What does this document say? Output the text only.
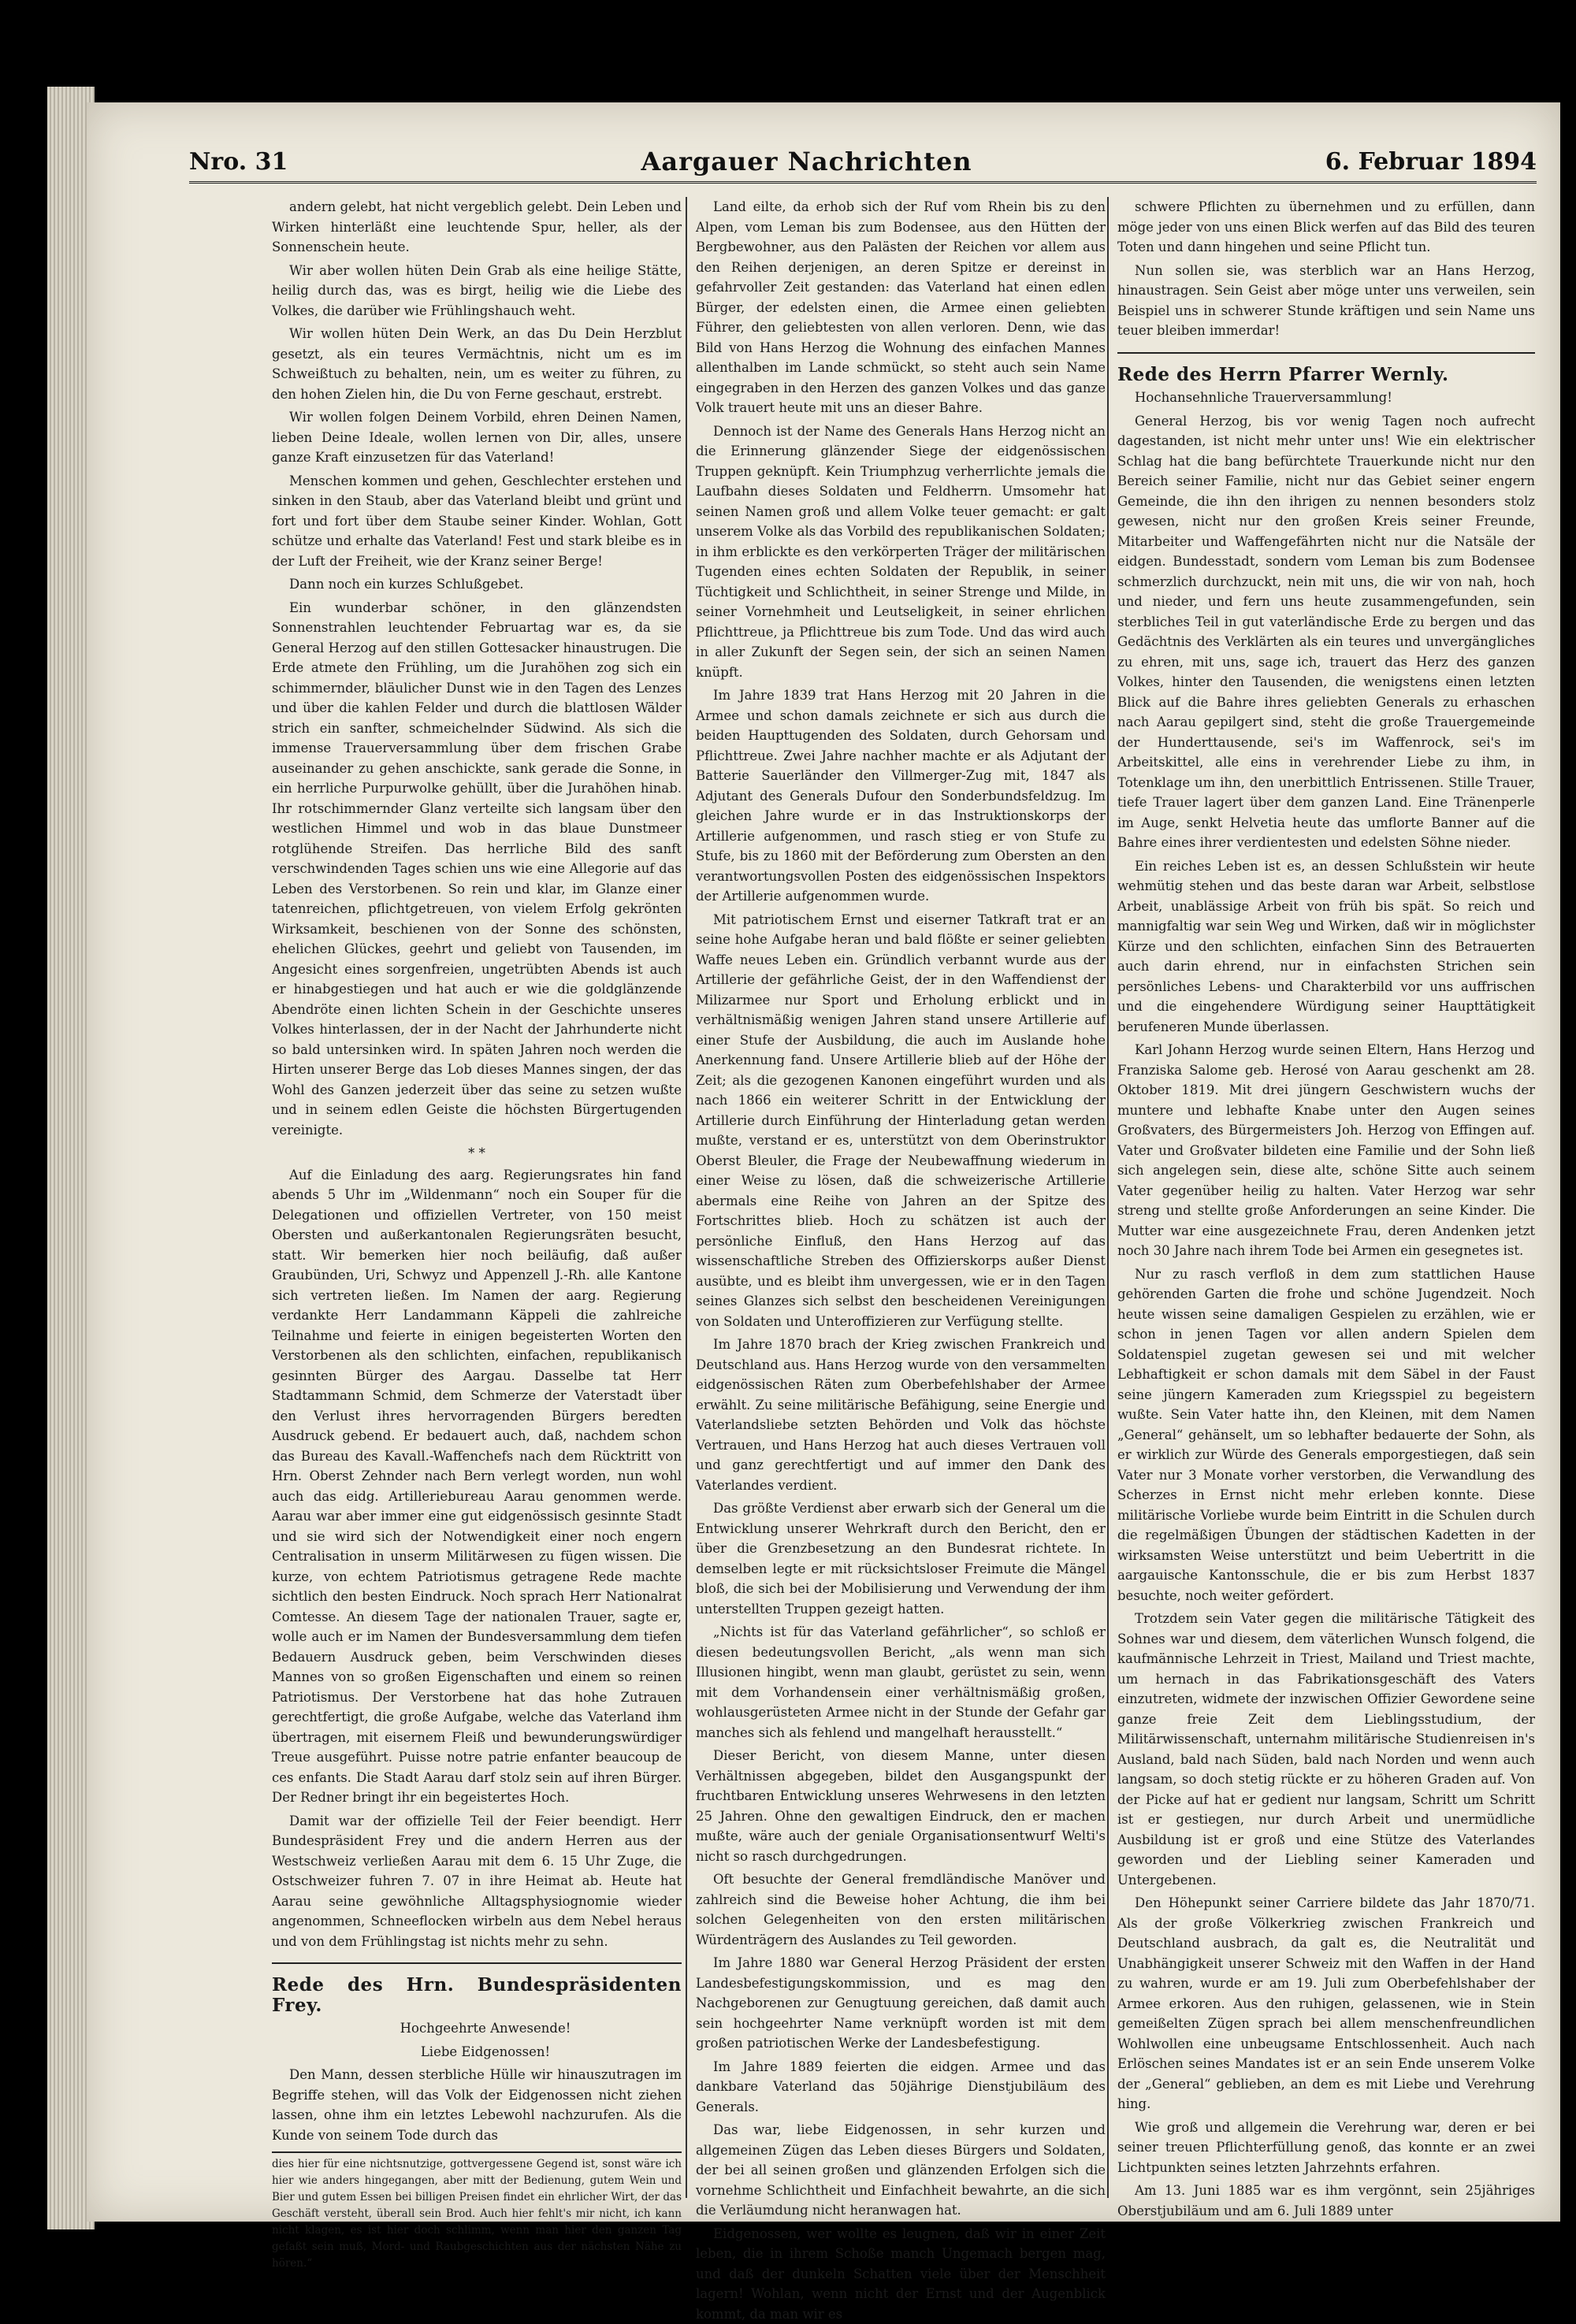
Nro. 31	Aargauer Nachrichten	6. Februar 1894

andern gelebt, hat nicht vergeblich gelebt. Dein Leben und Wirken hinterläßt eine leuchtende Spur, heller, als der Sonnenschein heute.

Wir aber wollen hüten Dein Grab als eine heilige Stätte, heilig durch das, was es birgt, heilig wie die Liebe des Volkes, die darüber wie Frühlingshauch weht.

Wir wollen hüten Dein Werk, an das Du Dein Herzblut gesetzt, als ein teures Vermächtnis, nicht um es im Schweißtuch zu behalten, nein, um es weiter zu führen, zu den hohen Zielen hin, die Du von Ferne geschaut, erstrebt.

Wir wollen folgen Deinem Vorbild, ehren Deinen Namen, lieben Deine Ideale, wollen lernen von Dir, alles, unsere ganze Kraft einzusetzen für das Vaterland!

Menschen kommen und gehen, Geschlechter erstehen und sinken in den Staub, aber das Vaterland bleibt und grünt und fort und fort über dem Staube seiner Kinder. Wohlan, Gott schütze und erhalte das Vaterland! Fest und stark bleibe es in der Luft der Freiheit, wie der Kranz seiner Berge!

Dann noch ein kurzes Schlußgebet.

Ein wunderbar schöner, in den glänzendsten Sonnenstrahlen leuchtender Februartag war es, da sie General Herzog auf den stillen Gottesacker hinaustrugen. Die Erde atmete den Frühling, um die Jurahöhen zog sich ein schimmernder, bläulicher Dunst wie in den Tagen des Lenzes und über die kahlen Felder und durch die blattlosen Wälder strich ein sanfter, schmeichelnder Südwind. Als sich die immense Trauerversammlung über dem frischen Grabe auseinander zu gehen anschickte, sank gerade die Sonne, in ein herrliche Purpurwolke gehüllt, über die Jurahöhen hinab. Ihr rotschimmernder Glanz verteilte sich langsam über den westlichen Himmel und wob in das blaue Dunstmeer rotglühende Streifen. Das herrliche Bild des sanft verschwindenden Tages schien uns wie eine Allegorie auf das Leben des Verstorbenen. So rein und klar, im Glanze einer tatenreichen, pflichtgetreuen, von vielem Erfolg gekrönten Wirksamkeit, beschienen von der Sonne des schönsten, ehelichen Glückes, geehrt und geliebt von Tausenden, im Angesicht eines sorgenfreien, ungetrübten Abends ist auch er hinabgestiegen und hat auch er wie die goldglänzende Abendröte einen lichten Schein in der Geschichte unseres Volkes hinterlassen, der in der Nacht der Jahrhunderte nicht so bald untersinken wird. In späten Jahren noch werden die Hirten unserer Berge das Lob dieses Mannes singen, der das Wohl des Ganzen jederzeit über das seine zu setzen wußte und in seinem edlen Geiste die höchsten Bürgertugenden vereinigte.

* *

Auf die Einladung des aarg. Regierungsrates hin fand abends 5 Uhr im „Wildenmann“ noch ein Souper für die Delegationen und offiziellen Vertreter, von 150 meist Obersten und außerkantonalen Regierungsräten besucht, statt. Wir bemerken hier noch beiläufig, daß außer Graubünden, Uri, Schwyz und Appenzell J.-Rh. alle Kantone sich vertreten ließen. Im Namen der aarg. Regierung verdankte Herr Landammann Käppeli die zahlreiche Teilnahme und feierte in einigen begeisterten Worten den Verstorbenen als den schlichten, einfachen, republikanisch gesinnten Bürger des Aargau. Dasselbe tat Herr Stadtammann Schmid, dem Schmerze der Vaterstadt über den Verlust ihres hervorragenden Bürgers beredten Ausdruck gebend. Er bedauert auch, daß, nachdem schon das Bureau des Kavall.-Waffenchefs nach dem Rücktritt von Hrn. Oberst Zehnder nach Bern verlegt worden, nun wohl auch das eidg. Artilleriebureau Aarau genommen werde. Aarau war aber immer eine gut eidgenössisch gesinnte Stadt und sie wird sich der Notwendigkeit einer noch engern Centralisation in unserm Militärwesen zu fügen wissen. Die kurze, von echtem Patriotismus getragene Rede machte sichtlich den besten Eindruck. Noch sprach Herr Nationalrat Comtesse. An diesem Tage der nationalen Trauer, sagte er, wolle auch er im Namen der Bundesversammlung dem tiefen Bedauern Ausdruck geben, beim Verschwinden dieses Mannes von so großen Eigenschaften und einem so reinen Patriotismus. Der Verstorbene hat das hohe Zutrauen gerechtfertigt, die große Aufgabe, welche das Vaterland ihm übertragen, mit eisernem Fleiß und bewunderungswürdiger Treue ausgeführt. Puisse notre patrie enfanter beaucoup de ces enfants. Die Stadt Aarau darf stolz sein auf ihren Bürger. Der Redner bringt ihr ein begeistertes Hoch.

Damit war der offizielle Teil der Feier beendigt. Herr Bundespräsident Frey und die andern Herren aus der Westschweiz verließen Aarau mit dem 6. 15 Uhr Zuge, die Ostschweizer fuhren 7. 07 in ihre Heimat ab. Heute hat Aarau seine gewöhnliche Alltagsphysiognomie wieder angenommen, Schneeflocken wirbeln aus dem Nebel heraus und von dem Frühlingstag ist nichts mehr zu sehn.

Rede des Hrn. Bundespräsidenten Frey.

Hochgeehrte Anwesende!

Liebe Eidgenossen!

Den Mann, dessen sterbliche Hülle wir hinauszutragen im Begriffe stehen, will das Volk der Eidgenossen nicht ziehen lassen, ohne ihm ein letztes Lebewohl nachzurufen. Als die Kunde von seinem Tode durch das

dies hier für eine nichtsnutzige, gottvergessene Gegend ist, sonst wäre ich hier wie anders hingegangen, aber mitt der Bedienung, gutem Wein und Bier und gutem Essen bei billigen Preisen findet ein ehrlicher Wirt, der das Geschäft versteht, überall sein Brod. Auch hier fehlt's mir nicht, ich kann nicht klagen, es ist hier doch schlimm, wenn man hier den ganzen Tag gefaßt sein muß, Mord- und Raubgeschichten aus der nächsten Nähe zu hören.“

Land eilte, da erhob sich der Ruf vom Rhein bis zu den Alpen, vom Leman bis zum Bodensee, aus den Hütten der Bergbewohner, aus den Palästen der Reichen vor allem aus den Reihen derjenigen, an deren Spitze er dereinst in gefahrvoller Zeit gestanden: das Vaterland hat einen edlen Bürger, der edelsten einen, die Armee einen geliebten Führer, den geliebtesten von allen verloren. Denn, wie das Bild von Hans Herzog die Wohnung des einfachen Mannes allenthalben im Lande schmückt, so steht auch sein Name eingegraben in den Herzen des ganzen Volkes und das ganze Volk trauert heute mit uns an dieser Bahre.

Dennoch ist der Name des Generals Hans Herzog nicht an die Erinnerung glänzender Siege der eidgenössischen Truppen geknüpft. Kein Triumphzug verherrlichte jemals die Laufbahn dieses Soldaten und Feldherrn. Umsomehr hat seinen Namen groß und allem Volke teuer gemacht: er galt unserem Volke als das Vorbild des republikanischen Soldaten; in ihm erblickte es den verkörperten Träger der militärischen Tugenden eines echten Soldaten der Republik, in seiner Tüchtigkeit und Schlichtheit, in seiner Strenge und Milde, in seiner Vornehmheit und Leutseligkeit, in seiner ehrlichen Pflichttreue, ja Pflichttreue bis zum Tode. Und das wird auch in aller Zukunft der Segen sein, der sich an seinen Namen knüpft.

Im Jahre 1839 trat Hans Herzog mit 20 Jahren in die Armee und schon damals zeichnete er sich aus durch die beiden Haupttugenden des Soldaten, durch Gehorsam und Pflichttreue. Zwei Jahre nachher machte er als Adjutant der Batterie Sauerländer den Villmerger-Zug mit, 1847 als Adjutant des Generals Dufour den Sonderbundsfeldzug. Im gleichen Jahre wurde er in das Instruktionskorps der Artillerie aufgenommen, und rasch stieg er von Stufe zu Stufe, bis zu 1860 mit der Beförderung zum Obersten an den verantwortungsvollen Posten des eidgenössischen Inspektors der Artillerie aufgenommen wurde.

Mit patriotischem Ernst und eiserner Tatkraft trat er an seine hohe Aufgabe heran und bald flößte er seiner geliebten Waffe neues Leben ein. Gründlich verbannt wurde aus der Artillerie der gefährliche Geist, der in den Waffendienst der Milizarmee nur Sport und Erholung erblickt und in verhältnismäßig wenigen Jahren stand unsere Artillerie auf einer Stufe der Ausbildung, die auch im Auslande hohe Anerkennung fand. Unsere Artillerie blieb auf der Höhe der Zeit; als die gezogenen Kanonen eingeführt wurden und als nach 1866 ein weiterer Schritt in der Entwicklung der Artillerie durch Einführung der Hinterladung getan werden mußte, verstand er es, unterstützt von dem Oberinstruktor Oberst Bleuler, die Frage der Neubewaffnung wiederum in einer Weise zu lösen, daß die schweizerische Artillerie abermals eine Reihe von Jahren an der Spitze des Fortschrittes blieb. Hoch zu schätzen ist auch der persönliche Einfluß, den Hans Herzog auf das wissenschaftliche Streben des Offizierskorps außer Dienst ausübte, und es bleibt ihm unvergessen, wie er in den Tagen seines Glanzes sich selbst den bescheidenen Vereinigungen von Soldaten und Unteroffizieren zur Verfügung stellte.

Im Jahre 1870 brach der Krieg zwischen Frankreich und Deutschland aus. Hans Herzog wurde von den versammelten eidgenössischen Räten zum Oberbefehlshaber der Armee erwählt. Zu seine militärische Befähigung, seine Energie und Vaterlandsliebe setzten Behörden und Volk das höchste Vertrauen, und Hans Herzog hat auch dieses Vertrauen voll und ganz gerechtfertigt und auf immer den Dank des Vaterlandes verdient.

Das größte Verdienst aber erwarb sich der General um die Entwicklung unserer Wehrkraft durch den Bericht, den er über die Grenzbesetzung an den Bundesrat richtete. In demselben legte er mit rücksichtsloser Freimute die Mängel bloß, die sich bei der Mobilisierung und Verwendung der ihm unterstellten Truppen gezeigt hatten.

„Nichts ist für das Vaterland gefährlicher“, so schloß er diesen bedeutungsvollen Bericht, „als wenn man sich Illusionen hingibt, wenn man glaubt, gerüstet zu sein, wenn mit dem Vorhandensein einer verhältnismäßig großen, wohlausgerüsteten Armee nicht in der Stunde der Gefahr gar manches sich als fehlend und mangelhaft herausstellt.“

Dieser Bericht, von diesem Manne, unter diesen Verhältnissen abgegeben, bildet den Ausgangspunkt der fruchtbaren Entwicklung unseres Wehrwesens in den letzten 25 Jahren. Ohne den gewaltigen Eindruck, den er machen mußte, wäre auch der geniale Organisationsentwurf Welti's nicht so rasch durchgedrungen.

Oft besuchte der General fremdländische Manöver und zahlreich sind die Beweise hoher Achtung, die ihm bei solchen Gelegenheiten von den ersten militärischen Würdenträgern des Auslandes zu Teil geworden.

Im Jahre 1880 war General Herzog Präsident der ersten Landesbefestigungskommission, und es mag den Nachgeborenen zur Genugtuung gereichen, daß damit auch sein hochgeehrter Name verknüpft worden ist mit dem großen patriotischen Werke der Landesbefestigung.

Im Jahre 1889 feierten die eidgen. Armee und das dankbare Vaterland das 50jährige Dienstjubiläum des Generals.

Das war, liebe Eidgenossen, in sehr kurzen und allgemeinen Zügen das Leben dieses Bürgers und Soldaten, der bei all seinen großen und glänzenden Erfolgen sich die vornehme Schlichtheit und Einfachheit bewahrte, an die sich die Verläumdung nicht heranwagen hat.

Eidgenossen, wer wollte es leugnen, daß wir in einer Zeit leben, die in ihrem Schoße manch Ungemach bergen mag, und daß der dunkeln Schatten viele über der Menschheit lagern! Wohlan, wenn nicht der Ernst und der Augenblick kommt, da man wir es

schwere Pflichten zu übernehmen und zu erfüllen, dann möge jeder von uns einen Blick werfen auf das Bild des teuren Toten und dann hingehen und seine Pflicht tun.

Nun sollen sie, was sterblich war an Hans Herzog, hinaustragen. Sein Geist aber möge unter uns verweilen, sein Beispiel uns in schwerer Stunde kräftigen und sein Name uns teuer bleiben immerdar!

Rede des Herrn Pfarrer Wernly.

Hochansehnliche Trauerversammlung!

General Herzog, bis vor wenig Tagen noch aufrecht dagestanden, ist nicht mehr unter uns! Wie ein elektrischer Schlag hat die bang befürchtete Trauerkunde nicht nur den Bereich seiner Familie, nicht nur das Gebiet seiner engern Gemeinde, die ihn den ihrigen zu nennen besonders stolz gewesen, nicht nur den großen Kreis seiner Freunde, Mitarbeiter und Waffengefährten nicht nur die Natsäle der eidgen. Bundesstadt, sondern vom Leman bis zum Bodensee schmerzlich durchzuckt, nein mit uns, die wir von nah, hoch und nieder, und fern uns heute zusammengefunden, sein sterbliches Teil in gut vaterländische Erde zu bergen und das Gedächtnis des Verklärten als ein teures und unvergängliches zu ehren, mit uns, sage ich, trauert das Herz des ganzen Volkes, hinter den Tausenden, die wenigstens einen letzten Blick auf die Bahre ihres geliebten Generals zu erhaschen nach Aarau gepilgert sind, steht die große Trauergemeinde der Hunderttausende, sei's im Waffenrock, sei's im Arbeitskittel, alle eins in verehrender Liebe zu ihm, in Totenklage um ihn, den unerbittlich Entrissenen. Stille Trauer, tiefe Trauer lagert über dem ganzen Land. Eine Tränenperle im Auge, senkt Helvetia heute das umflorte Banner auf die Bahre eines ihrer verdientesten und edelsten Söhne nieder.

Ein reiches Leben ist es, an dessen Schlußstein wir heute wehmütig stehen und das beste daran war Arbeit, selbstlose Arbeit, unablässige Arbeit von früh bis spät. So reich und mannigfaltig war sein Weg und Wirken, daß wir in möglichster Kürze und den schlichten, einfachen Sinn des Betrauerten auch darin ehrend, nur in einfachsten Strichen sein persönliches Lebens- und Charakterbild vor uns auffrischen und die eingehendere Würdigung seiner Haupttätigkeit berufeneren Munde überlassen.

Karl Johann Herzog wurde seinen Eltern, Hans Herzog und Franziska Salome geb. Herosé von Aarau geschenkt am 28. Oktober 1819. Mit drei jüngern Geschwistern wuchs der muntere und lebhafte Knabe unter den Augen seines Großvaters, des Bürgermeisters Joh. Herzog von Effingen auf. Vater und Großvater bildeten eine Familie und der Sohn ließ sich angelegen sein, diese alte, schöne Sitte auch seinem Vater gegenüber heilig zu halten. Vater Herzog war sehr streng und stellte große Anforderungen an seine Kinder. Die Mutter war eine ausgezeichnete Frau, deren Andenken jetzt noch 30 Jahre nach ihrem Tode bei Armen ein gesegnetes ist.

Nur zu rasch verfloß in dem zum stattlichen Hause gehörenden Garten die frohe und schöne Jugendzeit. Noch heute wissen seine damaligen Gespielen zu erzählen, wie er schon in jenen Tagen vor allen andern Spielen dem Soldatenspiel zugetan gewesen sei und mit welcher Lebhaftigkeit er schon damals mit dem Säbel in der Faust seine jüngern Kameraden zum Kriegsspiel zu begeistern wußte. Sein Vater hatte ihn, den Kleinen, mit dem Namen „General“ gehänselt, um so lebhafter bedauerte der Sohn, als er wirklich zur Würde des Generals emporgestiegen, daß sein Vater nur 3 Monate vorher verstorben, die Verwandlung des Scherzes in Ernst nicht mehr erleben konnte. Diese militärische Vorliebe wurde beim Eintritt in die Schulen durch die regelmäßigen Übungen der städtischen Kadetten in der wirksamsten Weise unterstützt und beim Uebertritt in die aargauische Kantonsschule, die er bis zum Herbst 1837 besuchte, noch weiter gefördert.

Trotzdem sein Vater gegen die militärische Tätigkeit des Sohnes war und diesem, dem väterlichen Wunsch folgend, die kaufmännische Lehrzeit in Triest, Mailand und Triest machte, um hernach in das Fabrikationsgeschäft des Vaters einzutreten, widmete der inzwischen Offizier Gewordene seine ganze freie Zeit dem Lieblingsstudium, der Militärwissenschaft, unternahm militärische Studienreisen in's Ausland, bald nach Süden, bald nach Norden und wenn auch langsam, so doch stetig rückte er zu höheren Graden auf. Von der Picke auf hat er gedient nur langsam, Schritt um Schritt ist er gestiegen, nur durch Arbeit und unermüdliche Ausbildung ist er groß und eine Stütze des Vaterlandes geworden und der Liebling seiner Kameraden und Untergebenen.

Den Höhepunkt seiner Carriere bildete das Jahr 1870/71. Als der große Völkerkrieg zwischen Frankreich und Deutschland ausbrach, da galt es, die Neutralität und Unabhängigkeit unserer Schweiz mit den Waffen in der Hand zu wahren, wurde er am 19. Juli zum Oberbefehlshaber der Armee erkoren. Aus den ruhigen, gelassenen, wie in Stein gemeißelten Zügen sprach bei allem menschenfreundlichen Wohlwollen eine unbeugsame Entschlossenheit. Auch nach Erlöschen seines Mandates ist er an sein Ende unserem Volke der „General“ geblieben, an dem es mit Liebe und Verehrung hing.

Wie groß und allgemein die Verehrung war, deren er bei seiner treuen Pflichterfüllung genoß, das konnte er an zwei Lichtpunkten seines letzten Jahrzehnts erfahren.

Am 13. Juni 1885 war es ihm vergönnt, sein 25jähriges Oberstjubiläum und am 6. Juli 1889 unter
